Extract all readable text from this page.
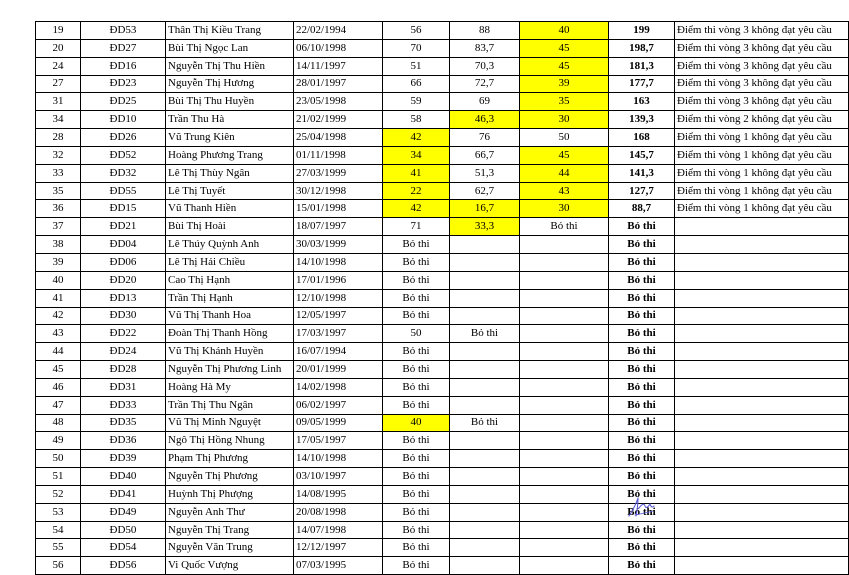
19	ĐD53	Thân Thị Kiều Trang	22/02/1994	56	88	40	199	Điểm thi vòng 3 không đạt yêu cầu
20	ĐD27	Bùi Thị Ngọc Lan	06/10/1998	70	83,7	45	198,7	Điểm thi vòng 3 không đạt yêu cầu
24	ĐD16	Nguyễn Thị Thu Hiền	14/11/1997	51	70,3	45	181,3	Điểm thi vòng 3 không đạt yêu cầu
27	ĐD23	Nguyễn Thị Hương	28/01/1997	66	72,7	39	177,7	Điểm thi vòng 3 không đạt yêu cầu
31	ĐD25	Bùi Thị Thu Huyền	23/05/1998	59	69	35	163	Điểm thi vòng 3 không đạt yêu cầu
34	ĐD10	Trần Thu Hà	21/02/1999	58	46,3	30	139,3	Điểm thi vòng 2 không đạt yêu cầu
28	ĐD26	Vũ Trung Kiên	25/04/1998	42	76	50	168	Điểm thi vòng 1 không đạt yêu cầu
32	ĐD52	Hoàng Phương Trang	01/11/1998	34	66,7	45	145,7	Điểm thi vòng 1 không đạt yêu cầu
33	ĐD32	Lê Thị Thùy Ngân	27/03/1999	41	51,3	44	141,3	Điểm thi vòng 1 không đạt yêu cầu
35	ĐD55	Lê Thị Tuyết	30/12/1998	22	62,7	43	127,7	Điểm thi vòng 1 không đạt yêu cầu
36	ĐD15	Vũ Thanh Hiền	15/01/1998	42	16,7	30	88,7	Điểm thi vòng 1 không đạt yêu cầu
37	ĐD21	Bùi Thị Hoài	18/07/1997	71	33,3	Bỏ thi	Bỏ thi	
38	ĐD04	Lê Thúy Quỳnh Anh	30/03/1999	Bỏ thi			Bỏ thi	
39	ĐD06	Lê Thị Hải Chiều	14/10/1998	Bỏ thi			Bỏ thi	
40	ĐD20	Cao Thị Hạnh	17/01/1996	Bỏ thi			Bỏ thi	
41	ĐD13	Trần Thị Hạnh	12/10/1998	Bỏ thi			Bỏ thi	
42	ĐD30	Vũ Thị Thanh Hoa	12/05/1997	Bỏ thi			Bỏ thi	
43	ĐD22	Đoàn Thị Thanh Hồng	17/03/1997	50	Bỏ thi		Bỏ thi	
44	ĐD24	Vũ Thị Khánh Huyền	16/07/1994	Bỏ thi			Bỏ thi	
45	ĐD28	Nguyễn Thị Phương Linh	20/01/1999	Bỏ thi			Bỏ thi	
46	ĐD31	Hoàng Hà My	14/02/1998	Bỏ thi			Bỏ thi	
47	ĐD33	Trần Thị Thu Ngân	06/02/1997	Bỏ thi			Bỏ thi	
48	ĐD35	Vũ Thị Minh Nguyệt	09/05/1999	40	Bỏ thi		Bỏ thi	
49	ĐD36	Ngô Thị Hồng Nhung	17/05/1997	Bỏ thi			Bỏ thi	
50	ĐD39	Phạm Thị Phương	14/10/1998	Bỏ thi			Bỏ thi	
51	ĐD40	Nguyễn Thị Phương	03/10/1997	Bỏ thi			Bỏ thi	
52	ĐD41	Huỳnh Thị Phượng	14/08/1995	Bỏ thi			Bỏ thi	
53	ĐD49	Nguyễn Anh Thư	20/08/1998	Bỏ thi			Bỏ thi	
54	ĐD50	Nguyễn Thị Trang	14/07/1998	Bỏ thi			Bỏ thi	
55	ĐD54	Nguyễn Văn Trung	12/12/1997	Bỏ thi			Bỏ thi	
56	ĐD56	Vi Quốc Vượng	07/03/1995	Bỏ thi			Bỏ thi	
